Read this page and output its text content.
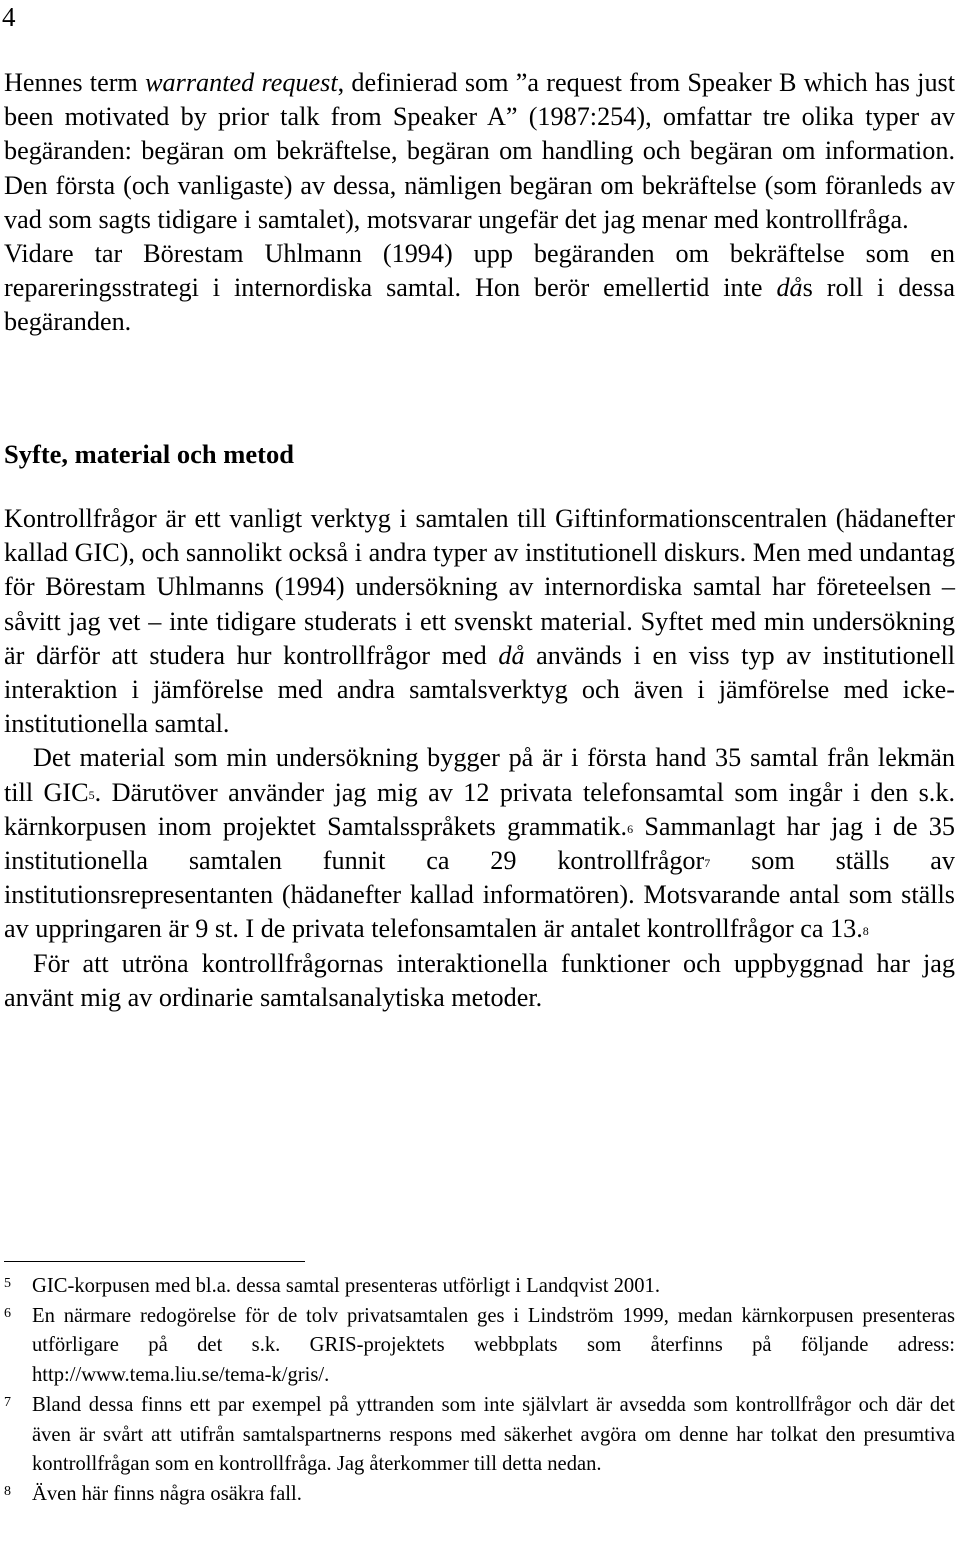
4

Hennes term warranted request, definierad som ”a request from Speaker B which has just been motivated by prior talk from Speaker A” (1987:254), omfattar tre olika typer av begäranden: begäran om bekräftelse, begäran om handling och begäran om information. Den första (och vanligaste) av dessa, nämligen begäran om bekräftelse (som föranleds av vad som sagts tidigare i samtalet), motsvarar ungefär det jag menar med kontrollfråga.

Vidare tar Börestam Uhlmann (1994) upp begäranden om bekräftelse som en repareringsstrategi i internordiska samtal. Hon berör emellertid inte dås roll i dessa begäranden.

Syfte, material och metod

Kontrollfrågor är ett vanligt verktyg i samtalen till Giftinformationscentralen (hädanefter kallad GIC), och sannolikt också i andra typer av institutionell diskurs. Men med undantag för Börestam Uhlmanns (1994) undersökning av internordiska samtal har företeelsen – såvitt jag vet – inte tidigare studerats i ett svenskt material. Syftet med min undersökning är därför att studera hur kontrollfrågor med då används i en viss typ av institutionell interaktion i jämförelse med andra samtalsverktyg och även i jämförelse med icke-institutionella samtal.

Det material som min undersökning bygger på är i första hand 35 samtal från lekmän till GIC$^5$. Därutöver använder jag mig av 12 privata telefonsamtal som ingår i den s.k. kärnkorpusen inom projektet Samtalsspråkets grammatik.$^6$ Sammanlagt har jag i de 35 institutionella samtalen funnit ca 29 kontrollfrågor$^7$ som ställs av institutionsrepresentanten (hädanefter kallad informatören). Motsvarande antal som ställs av uppringaren är 9 st. I de privata telefonsamtalen är antalet kontrollfrågor ca 13.$^8$

För att utröna kontrollfrågornas interaktionella funktioner och uppbyggnad har jag använt mig av ordinarie samtalsanalytiska metoder.

5 GIC-korpusen med bl.a. dessa samtal presenteras utförligt i Landqvist 2001.
6 En närmare redogörelse för de tolv privatsamtalen ges i Lindström 1999, medan kärnkorpusen presenteras utförligare på det s.k. GRIS-projektets webbplats som återfinns på följande adress: http://www.tema.liu.se/tema-k/gris/.
7 Bland dessa finns ett par exempel på yttranden som inte självlart är avsedda som kontrollfrågor och där det även är svårt att utifrån samtalspartnerns respons med säkerhet avgöra om denne har tolkat den presumtiva kontrollfrågan som en kontrollfråga. Jag återkommer till detta nedan.
8 Även här finns några osäkra fall.
